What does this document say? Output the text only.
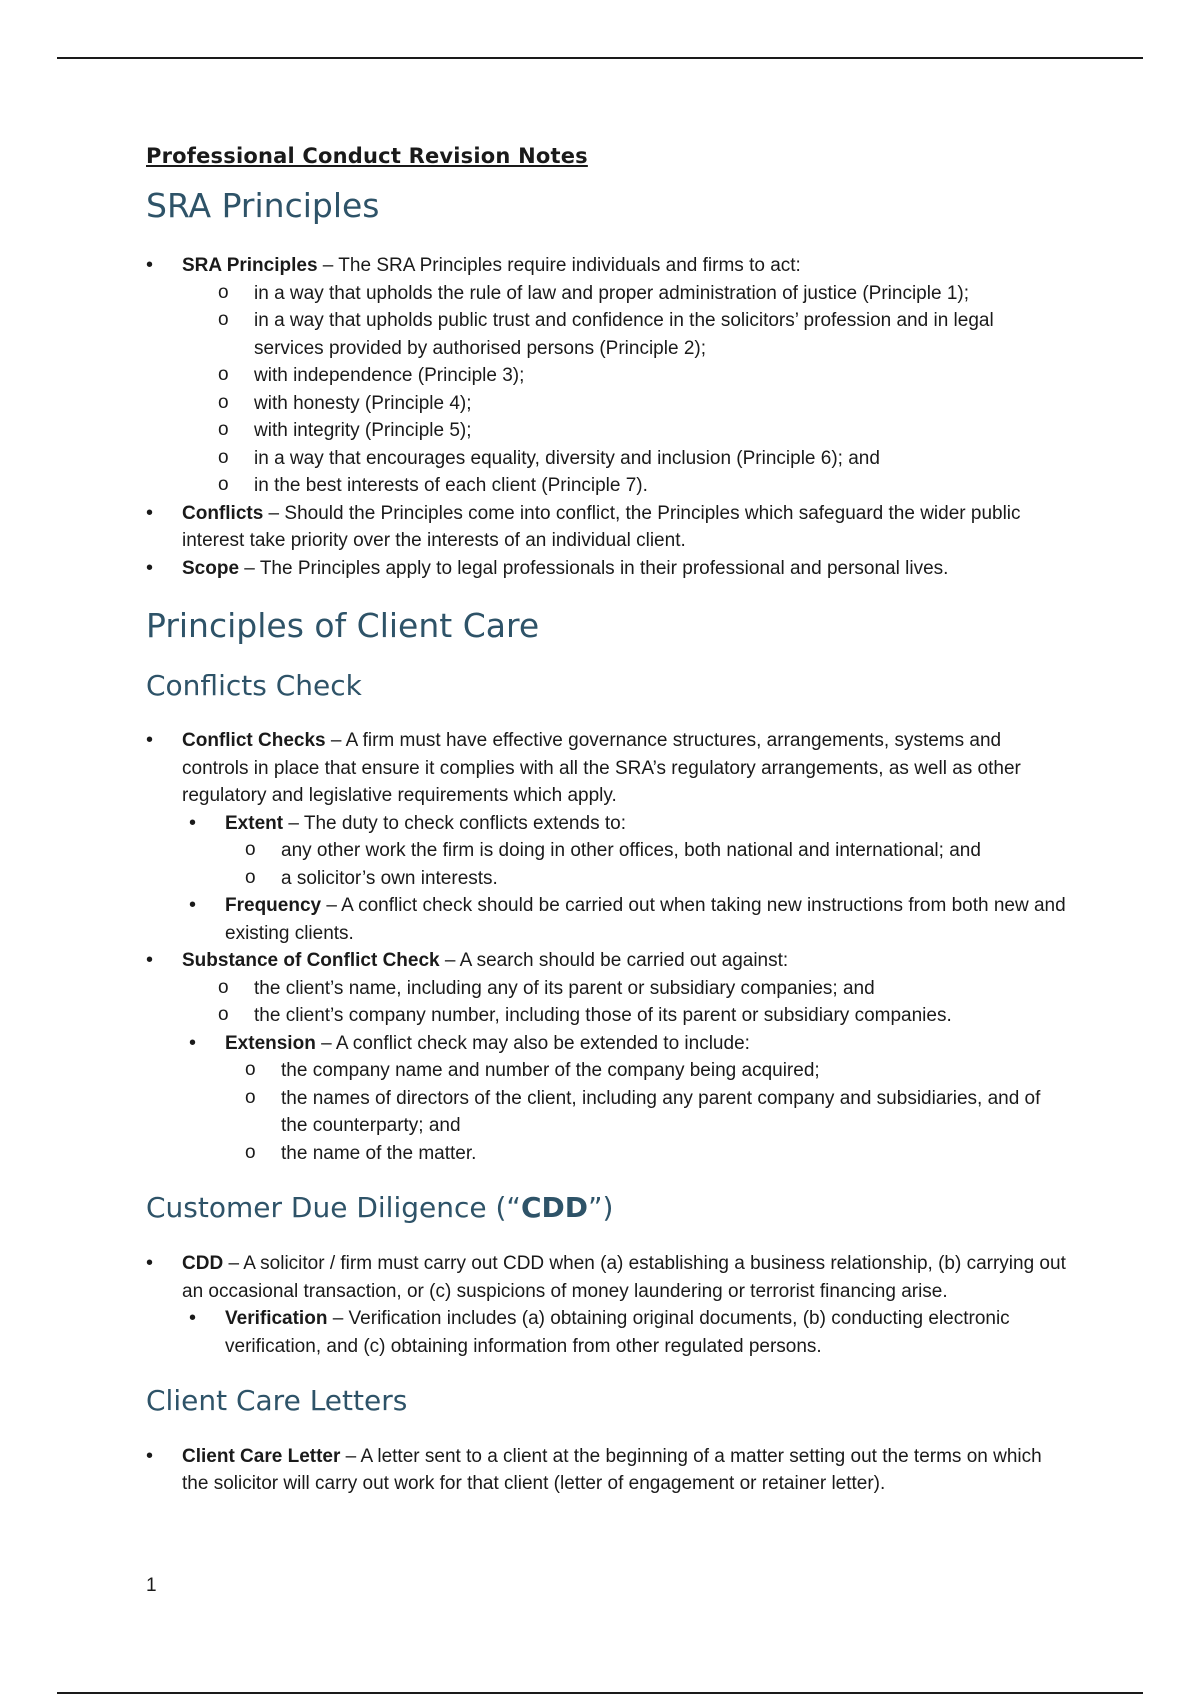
Professional Conduct Revision Notes
SRA Principles
• SRA Principles – The SRA Principles require individuals and firms to act:
o in a way that upholds the rule of law and proper administration of justice (Principle 1);
o in a way that upholds public trust and confidence in the solicitors’ profession and in legal services provided by authorised persons (Principle 2);
o with independence (Principle 3);
o with honesty (Principle 4);
o with integrity (Principle 5);
o in a way that encourages equality, diversity and inclusion (Principle 6); and
o in the best interests of each client (Principle 7).
• Conflicts – Should the Principles come into conflict, the Principles which safeguard the wider public interest take priority over the interests of an individual client.
• Scope – The Principles apply to legal professionals in their professional and personal lives.
Principles of Client Care
Conflicts Check
• Conflict Checks – A firm must have effective governance structures, arrangements, systems and controls in place that ensure it complies with all the SRA’s regulatory arrangements, as well as other regulatory and legislative requirements which apply.
• Extent – The duty to check conflicts extends to:
o any other work the firm is doing in other offices, both national and international; and
o a solicitor’s own interests.
• Frequency – A conflict check should be carried out when taking new instructions from both new and existing clients.
• Substance of Conflict Check – A search should be carried out against:
o the client’s name, including any of its parent or subsidiary companies; and
o the client’s company number, including those of its parent or subsidiary companies.
• Extension – A conflict check may also be extended to include:
o the company name and number of the company being acquired;
o the names of directors of the client, including any parent company and subsidiaries, and of the counterparty; and
o the name of the matter.
Customer Due Diligence (“CDD”)
• CDD – A solicitor / firm must carry out CDD when (a) establishing a business relationship, (b) carrying out an occasional transaction, or (c) suspicions of money laundering or terrorist financing arise.
• Verification – Verification includes (a) obtaining original documents, (b) conducting electronic verification, and (c) obtaining information from other regulated persons.
Client Care Letters
• Client Care Letter – A letter sent to a client at the beginning of a matter setting out the terms on which the solicitor will carry out work for that client (letter of engagement or retainer letter).
1
